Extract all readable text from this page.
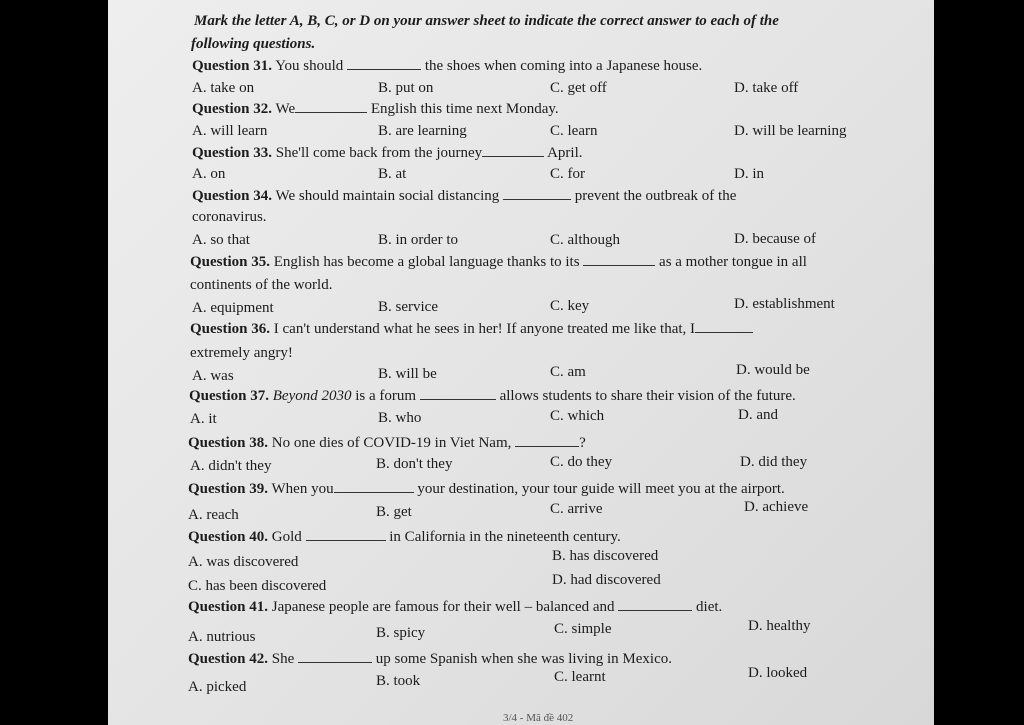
Mark the letter A, B, C, or D on your answer sheet to indicate the correct answer to each of the
following questions.
Question 31. You should	the shoes when coming into a Japanese house.
A. take on	B. put on	C. get off	D. take off
Question 32. We	English this time next Monday.
A. will learn	B. are learning	C. learn	D. will be learning
Question 33. She'll come back from the journey	April.
A. on	B. at	C. for	D. in
Question 34. We should maintain social distancing	prevent the outbreak of the
coronavirus.
A. so that	B. in order to	C. although	D. because of
Question 35. English has become a global language thanks to its	as a mother tongue in all
continents of the world.
A. equipment	B. service	C. key	D. establishment
Question 36. I can't understand what he sees in her! If anyone treated me like that, I
extremely angry!
A. was	B. will be	C. am	D. would be
Question 37. Beyond 2030 is a forum	allows students to share their vision of the future.
A. it	B. who	C. which	D. and
Question 38. No one dies of COVID-19 in Viet Nam,	?
A. didn't they	B. don't they	C. do they	D. did they
Question 39. When you	your destination, your tour guide will meet you at the airport.
A. reach	B. get	C. arrive	D. achieve
Question 40. Gold	in California in the nineteenth century.
A. was discovered	B. has discovered
C. has been discovered	D. had discovered
Question 41. Japanese people are famous for their well – balanced and	diet.
A. nutrious	B. spicy	C. simple	D. healthy
Question 42. She	up some Spanish when she was living in Mexico.
A. picked	B. took	C. learnt	D. looked
3/4 - Mã đề 402
